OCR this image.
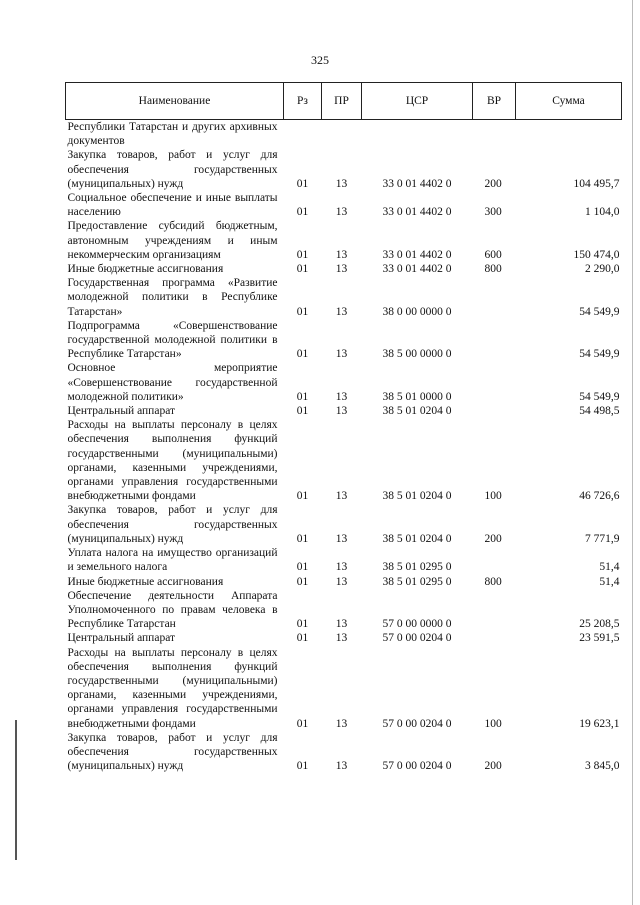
325
Наименование	Рз	ПР	ЦСР	ВР	Сумма
Республики Татарстан и других архивных документов					
Закупка товаров, работ и услуг для обеспечения государственных (муниципальных) нужд	01	13	33 0 01 4402 0	200	104 495,7
Социальное обеспечение и иные выплаты населению	01	13	33 0 01 4402 0	300	1 104,0
Предоставление субсидий бюджетным, автономным учреждениям и иным некоммерческим организациям	01	13	33 0 01 4402 0	600	150 474,0
Иные бюджетные ассигнования	01	13	33 0 01 4402 0	800	2 290,0
Государственная программа «Развитие молодежной политики в Республике Татарстан»	01	13	38 0 00 0000 0		54 549,9
Подпрограмма «Совершенствование государственной молодежной политики в Республике Татарстан»	01	13	38 5 00 0000 0		54 549,9
Основное мероприятие «Совершенствование государственной молодежной политики»	01	13	38 5 01 0000 0		54 549,9
Центральный аппарат	01	13	38 5 01 0204 0		54 498,5
Расходы на выплаты персоналу в целях обеспечения выполнения функций государственными (муниципальными) органами, казенными учреждениями, органами управления государственными внебюджетными фондами	01	13	38 5 01 0204 0	100	46 726,6
Закупка товаров, работ и услуг для обеспечения государственных (муниципальных) нужд	01	13	38 5 01 0204 0	200	7 771,9
Уплата налога на имущество организаций и земельного налога	01	13	38 5 01 0295 0		51,4
Иные бюджетные ассигнования	01	13	38 5 01 0295 0	800	51,4
Обеспечение деятельности Аппарата Уполномоченного по правам человека в Республике Татарстан	01	13	57 0 00 0000 0		25 208,5
Центральный аппарат	01	13	57 0 00 0204 0		23 591,5
Расходы на выплаты персоналу в целях обеспечения выполнения функций государственными (муниципальными) органами, казенными учреждениями, органами управления государственными внебюджетными фондами	01	13	57 0 00 0204 0	100	19 623,1
Закупка товаров, работ и услуг для обеспечения государственных (муниципальных) нужд	01	13	57 0 00 0204 0	200	3 845,0
